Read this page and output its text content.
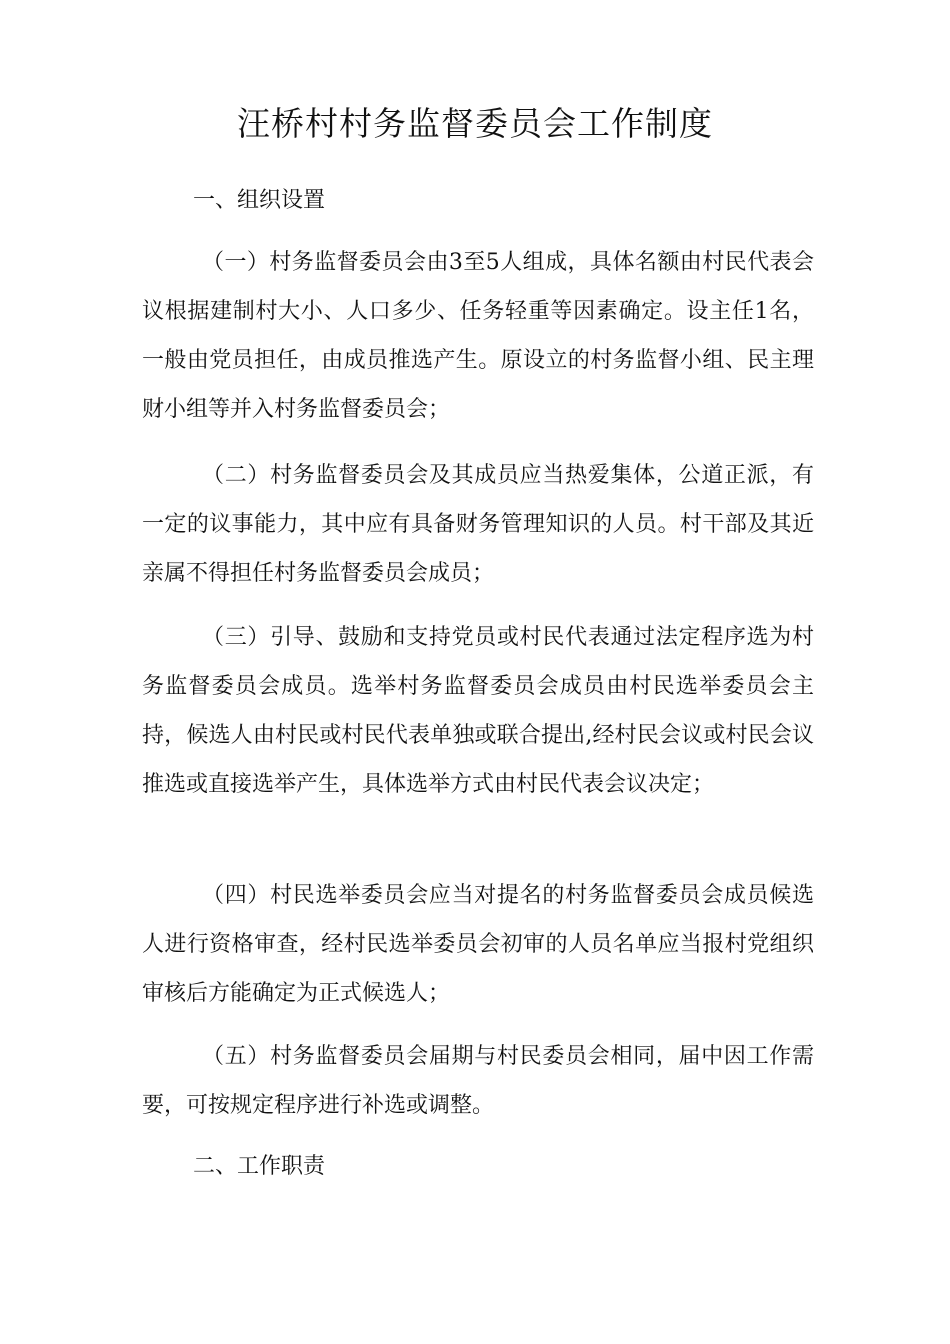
汪桥村村务监督委员会工作制度

一、组织设置

（一）村务监督委员会由3至5人组成，具体名额由村民代表会议根据建制村大小、人口多少、任务轻重等因素确定。设主任1名，一般由党员担任，由成员推选产生。原设立的村务监督小组、民主理财小组等并入村务监督委员会；

（二）村务监督委员会及其成员应当热爱集体，公道正派，有一定的议事能力，其中应有具备财务管理知识的人员。村干部及其近亲属不得担任村务监督委员会成员；

（三）引导、鼓励和支持党员或村民代表通过法定程序选为村务监督委员会成员。选举村务监督委员会成员由村民选举委员会主持，候选人由村民或村民代表单独或联合提出,经村民会议或村民会议推选或直接选举产生，具体选举方式由村民代表会议决定；

（四）村民选举委员会应当对提名的村务监督委员会成员候选人进行资格审查，经村民选举委员会初审的人员名单应当报村党组织审核后方能确定为正式候选人；

（五）村务监督委员会届期与村民委员会相同，届中因工作需要，可按规定程序进行补选或调整。

二、工作职责
